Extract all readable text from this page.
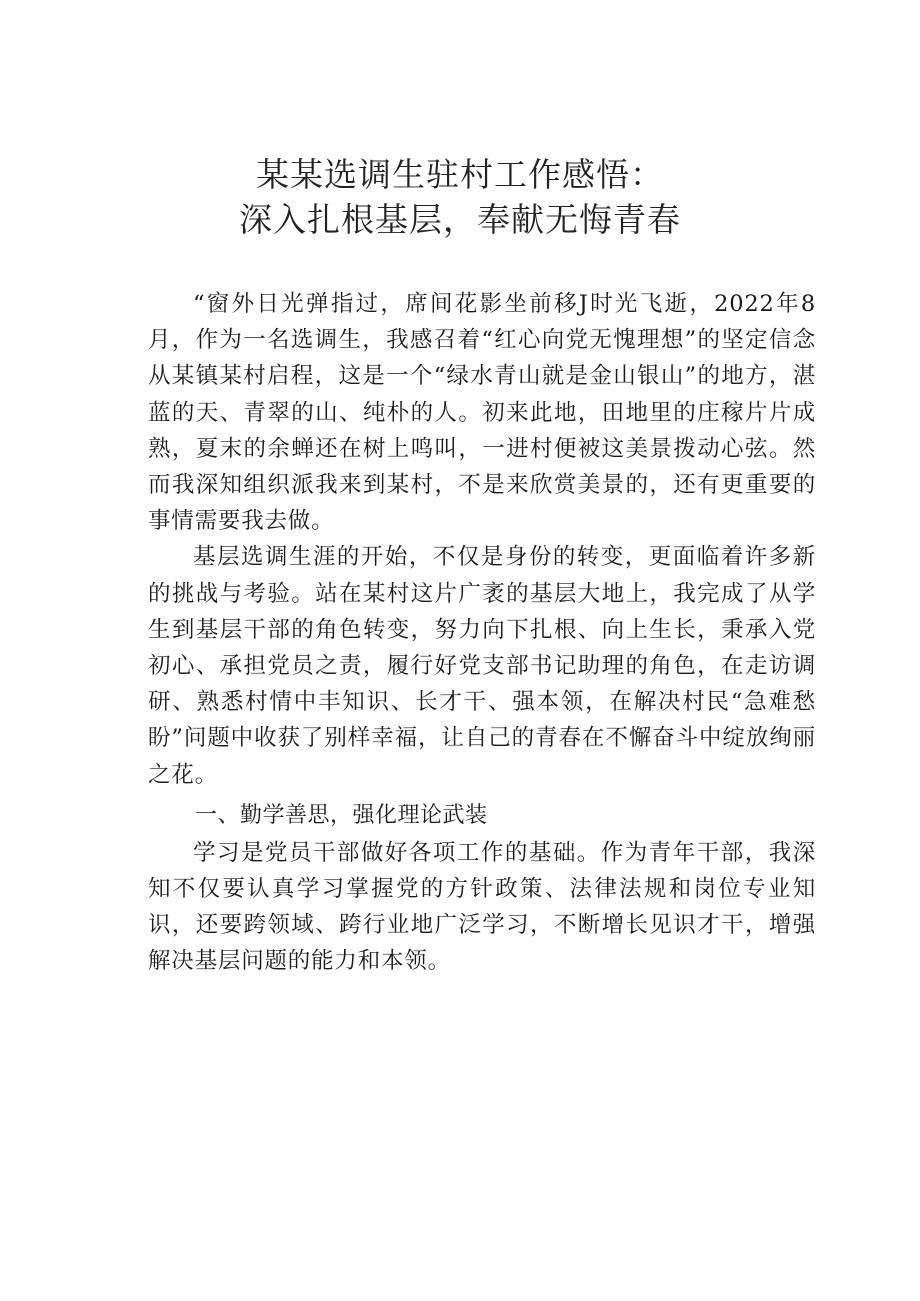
某某选调生驻村工作感悟：
深入扎根基层，奉献无悔青春

“窗外日光弹指过，席间花影坐前移J时光飞逝，2022年8月，作为一名选调生，我感召着“红心向党无愧理想”的坚定信念从某镇某村启程，这是一个“绿水青山就是金山银山”的地方，湛蓝的天、青翠的山、纯朴的人。初来此地，田地里的庄稼片片成熟，夏末的余蝉还在树上鸣叫，一进村便被这美景拨动心弦。然而我深知组织派我来到某村，不是来欣赏美景的，还有更重要的事情需要我去做。

基层选调生涯的开始，不仅是身份的转变，更面临着许多新的挑战与考验。站在某村这片广袤的基层大地上，我完成了从学生到基层干部的角色转变，努力向下扎根、向上生长，秉承入党初心、承担党员之责，履行好党支部书记助理的角色，在走访调研、熟悉村情中丰知识、长才干、强本领，在解决村民“急难愁盼”问题中收获了别样幸福，让自己的青春在不懈奋斗中绽放绚丽之花。

一、勤学善思，强化理论武装

学习是党员干部做好各项工作的基础。作为青年干部，我深知不仅要认真学习掌握党的方针政策、法律法规和岗位专业知识，还要跨领域、跨行业地广泛学习，不断增长见识才干，增强解决基层问题的能力和本领。
